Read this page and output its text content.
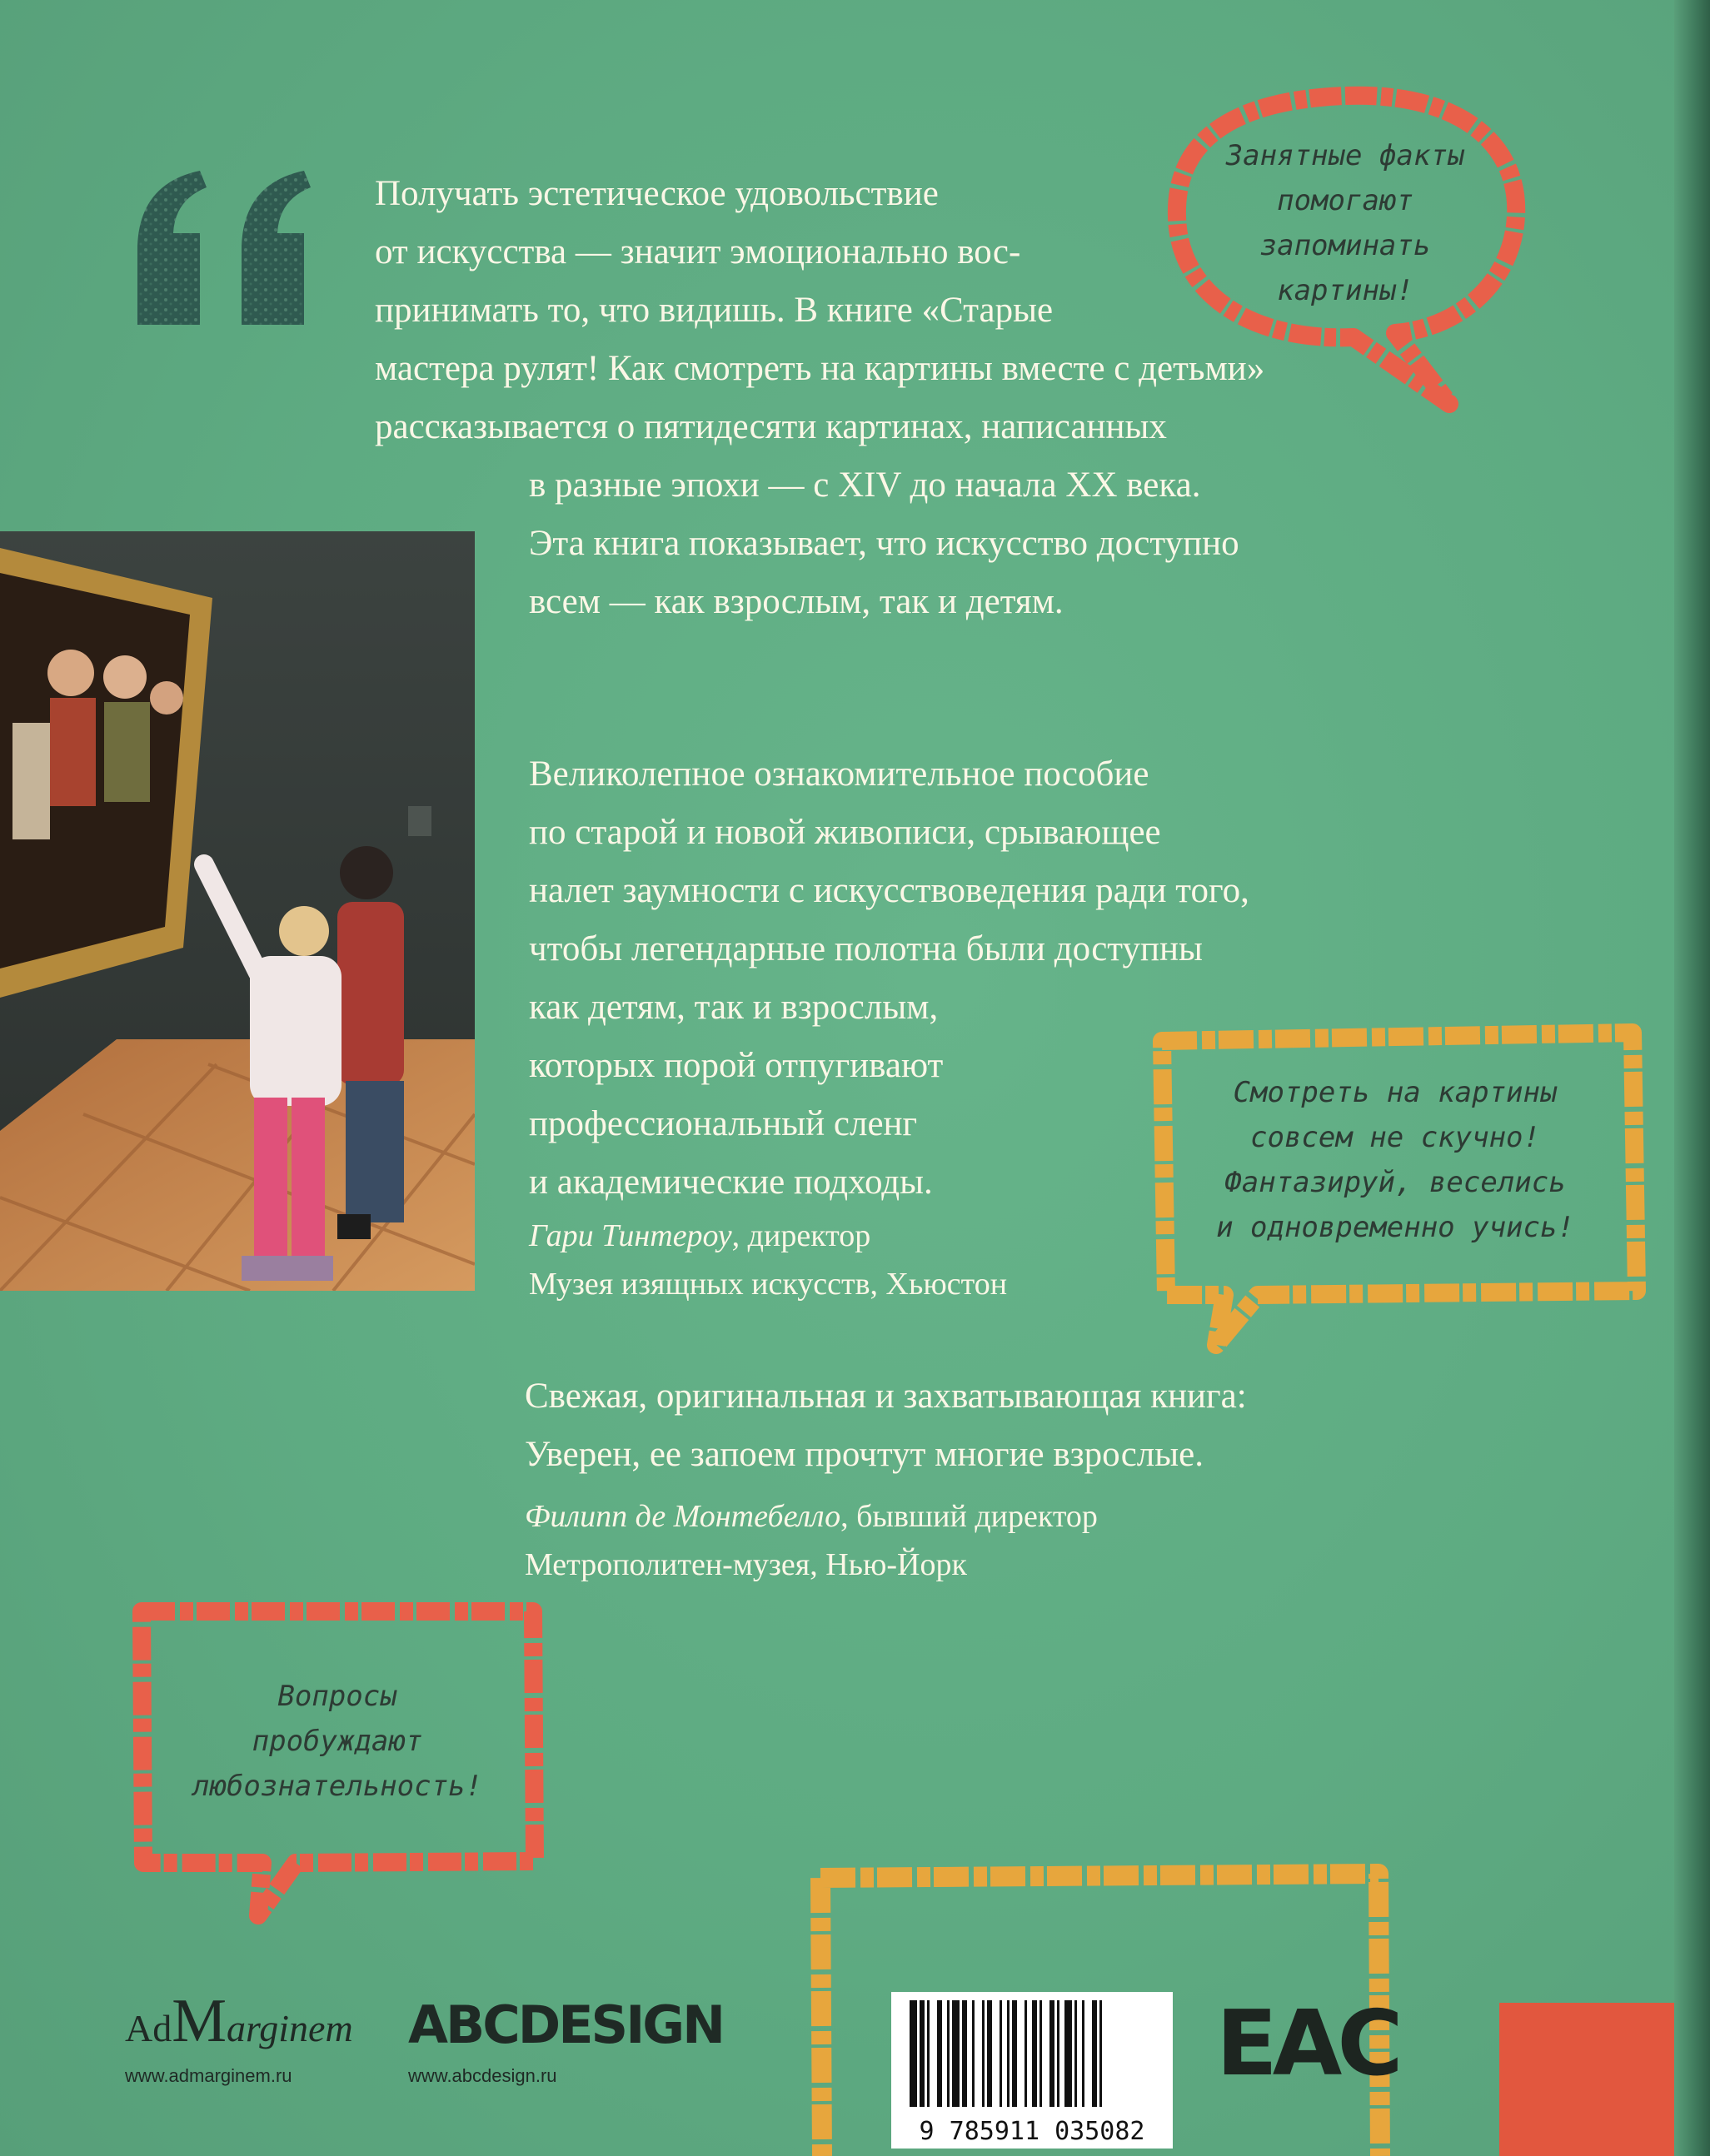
Получать эстетическое удовольствие
от искусства — значит эмоционально вос-
принимать то, что видишь. В книге «Старые
мастера рулят! Как смотреть на картины вместе с детьми»
рассказывается о пятидесяти картинах, написанных
в разные эпохи — с XIV до начала XX века.
Эта книга показывает, что искусство доступно
всем — как взрослым, так и детям.
Занятные факты
помогают
запоминать
картины!
Великолепное ознакомительное пособие
по старой и новой живописи, срывающее
налет заумности с искусствоведения ради того,
чтобы легендарные полотна были доступны
как детям, так и взрослым,
которых порой отпугивают
профессиональный сленг
и академические подходы.
Гари Тинтероу, директор
Музея изящных искусств, Хьюстон
Смотреть на картины
совсем не скучно!
Фантазируй, веселись
и одновременно учись!
Свежая, оригинальная и захватывающая книга:
Уверен, ее запоем прочтут многие взрослые.
Филипп де Монтебелло, бывший директор
Метрополитен-музея, Нью-Йорк
Вопросы
пробуждают
любознательность!
AdMarginem
www.admarginem.ru
ABCDESIGN
www.abcdesign.ru
9 785911 035082
EAC
